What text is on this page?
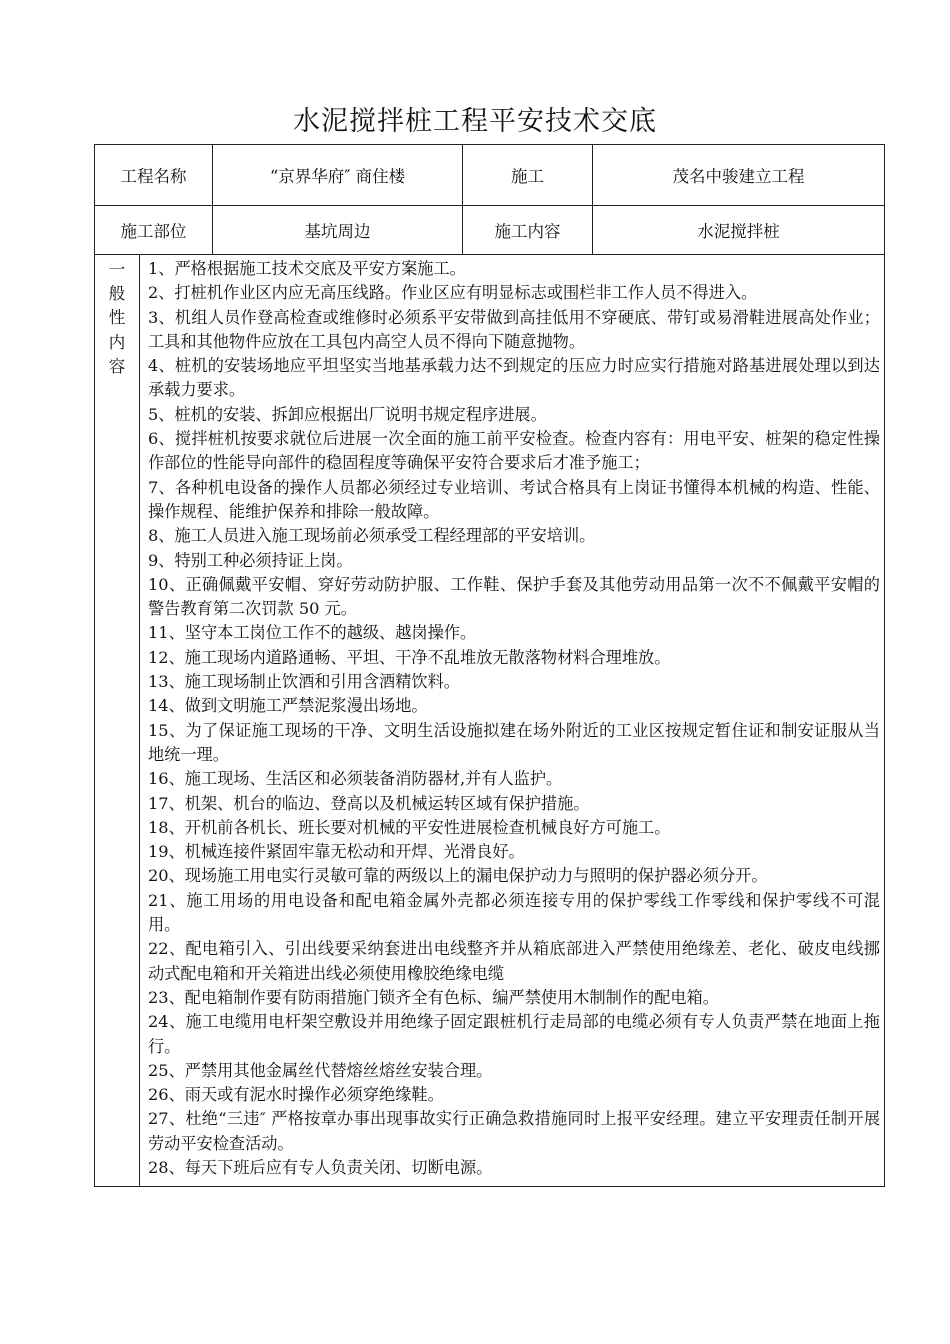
水泥搅拌桩工程平安技术交底
工程名称	“京界华府″ 商住楼	施工	茂名中骏建立工程
施工部位	基坑周边	施工内容	水泥搅拌桩

一
般
性
内
容

1、严格根据施工技术交底及平安方案施工。

2、打桩机作业区内应无高压线路。作业区应有明显标志或围栏非工作人员不得进入。

3、机组人员作登高检查或维修时必须系平安带做到高挂低用不穿硬底、带钉或易滑鞋进展高处作业；工具和其他物件应放在工具包内高空人员不得向下随意抛物。

4、桩机的安装场地应平坦坚实当地基承载力达不到规定的压应力时应实行措施对路基进展处理以到达承载力要求。

5、桩机的安装、拆卸应根据出厂说明书规定程序进展。

6、搅拌桩机按要求就位后进展一次全面的施工前平安检查。检查内容有：用电平安、桩架的稳定性操作部位的性能导向部件的稳固程度等确保平安符合要求后才准予施工；

7、各种机电设备的操作人员都必须经过专业培训、考试合格具有上岗证书懂得本机械的构造、性能、操作规程、能维护保养和排除一般故障。

8、施工人员进入施工现场前必须承受工程经理部的平安培训。

9、特别工种必须持证上岗。

10、正确佩戴平安帽、穿好劳动防护服、工作鞋、保护手套及其他劳动用品第一次不不佩戴平安帽的警告教育第二次罚款 50 元。

11、坚守本工岗位工作不的越级、越岗操作。

12、施工现场内道路通畅、平坦、干净不乱堆放无散落物材料合理堆放。

13、施工现场制止饮酒和引用含酒精饮料。

14、做到文明施工严禁泥浆漫出场地。

15、为了保证施工现场的干净、文明生活设施拟建在场外附近的工业区按规定暂住证和制安证服从当地统一理。

16、施工现场、生活区和必须装备消防器材,并有人监护。

17、机架、机台的临边、登高以及机械运转区域有保护措施。

18、开机前各机长、班长要对机械的平安性进展检查机械良好方可施工。

19、机械连接件紧固牢靠无松动和开焊、光滑良好。

20、现场施工用电实行灵敏可靠的两级以上的漏电保护动力与照明的保护器必须分开。

21、施工用场的用电设备和配电箱金属外壳都必须连接专用的保护零线工作零线和保护零线不可混用。

22、配电箱引入、引出线要采纳套进出电线整齐并从箱底部进入严禁使用绝缘差、老化、破皮电线挪动式配电箱和开关箱进出线必须使用橡胶绝缘电缆

23、配电箱制作要有防雨措施门锁齐全有色标、编严禁使用木制制作的配电箱。

24、施工电缆用电杆架空敷设并用绝缘子固定跟桩机行走局部的电缆必须有专人负责严禁在地面上拖行。

25、严禁用其他金属丝代替熔丝熔丝安装合理。

26、雨天或有泥水时操作必须穿绝缘鞋。

27、杜绝“三违″ 严格按章办事出现事故实行正确急救措施同时上报平安经理。建立平安理责任制开展劳动平安检查活动。

28、每天下班后应有专人负责关闭、切断电源。
